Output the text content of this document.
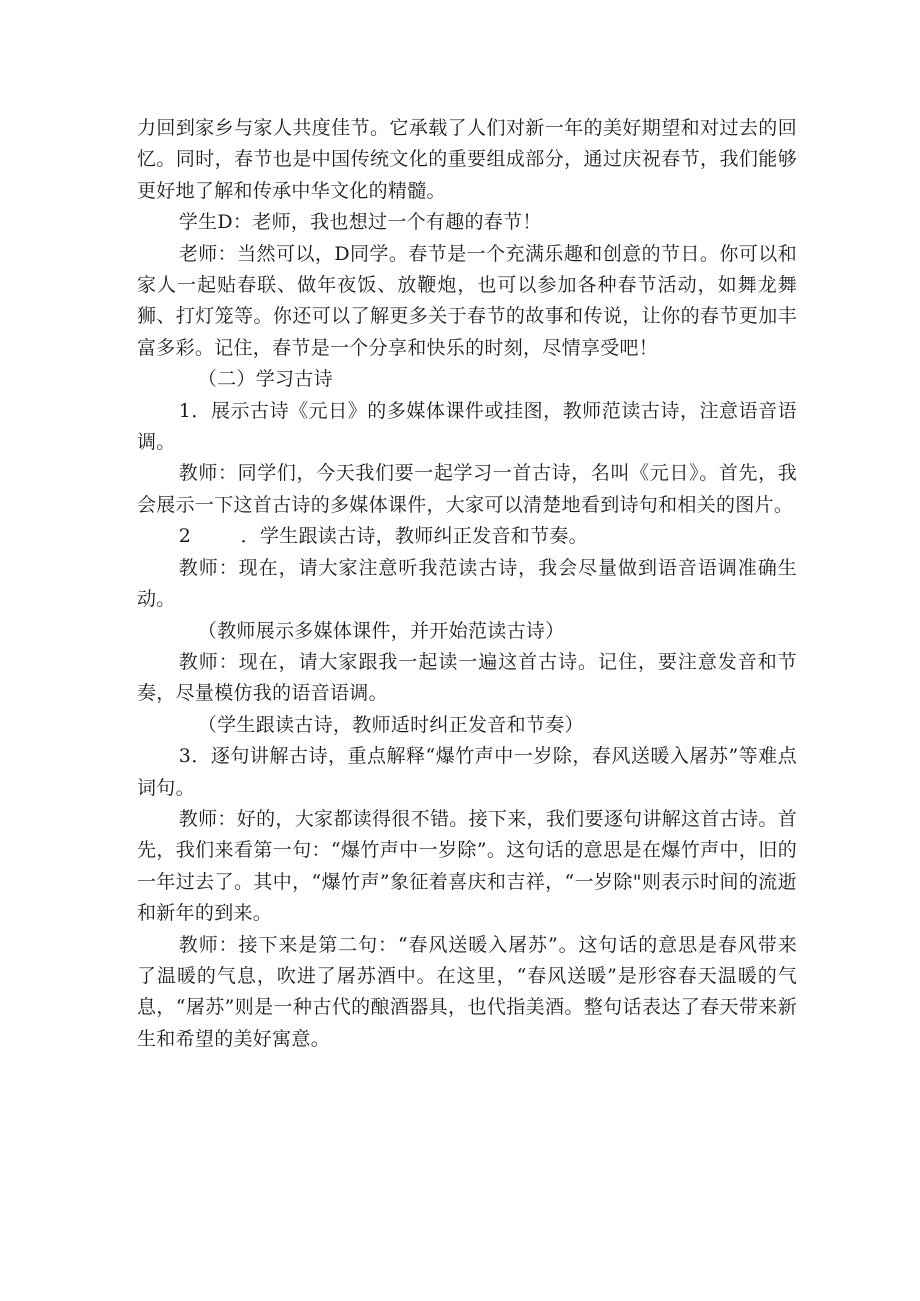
力回到家乡与家人共度佳节。它承载了人们对新一年的美好期望和对过去的回忆。同时，春节也是中国传统文化的重要组成部分，通过庆祝春节，我们能够更好地了解和传承中华文化的精髓。

学生D：老师，我也想过一个有趣的春节！

老师：当然可以，D同学。春节是一个充满乐趣和创意的节日。你可以和家人一起贴春联、做年夜饭、放鞭炮，也可以参加各种春节活动，如舞龙舞狮、打灯笼等。你还可以了解更多关于春节的故事和传说，让你的春节更加丰富多彩。记住，春节是一个分享和快乐的时刻，尽情享受吧！

（二）学习古诗

1．展示古诗《元日》的多媒体课件或挂图，教师范读古诗，注意语音语调。

教师：同学们，今天我们要一起学习一首古诗，名叫《元日》。首先，我会展示一下这首古诗的多媒体课件，大家可以清楚地看到诗句和相关的图片。

2	．学生跟读古诗，教师纠正发音和节奏。

教师：现在，请大家注意听我范读古诗，我会尽量做到语音语调准确生动。

（教师展示多媒体课件，并开始范读古诗）

教师：现在，请大家跟我一起读一遍这首古诗。记住，要注意发音和节奏，尽量模仿我的语音语调。

（学生跟读古诗，教师适时纠正发音和节奏）

3．逐句讲解古诗，重点解释“爆竹声中一岁除，春风送暖入屠苏”等难点词句。

教师：好的，大家都读得很不错。接下来，我们要逐句讲解这首古诗。首先，我们来看第一句：“爆竹声中一岁除”。这句话的意思是在爆竹声中，旧的一年过去了。其中，“爆竹声”象征着喜庆和吉祥，“一岁除"则表示时间的流逝和新年的到来。

教师：接下来是第二句：“春风送暖入屠苏”。这句话的意思是春风带来了温暖的气息，吹进了屠苏酒中。在这里，“春风送暖”是形容春天温暖的气息，“屠苏”则是一种古代的酿酒器具，也代指美酒。整句话表达了春天带来新生和希望的美好寓意。
